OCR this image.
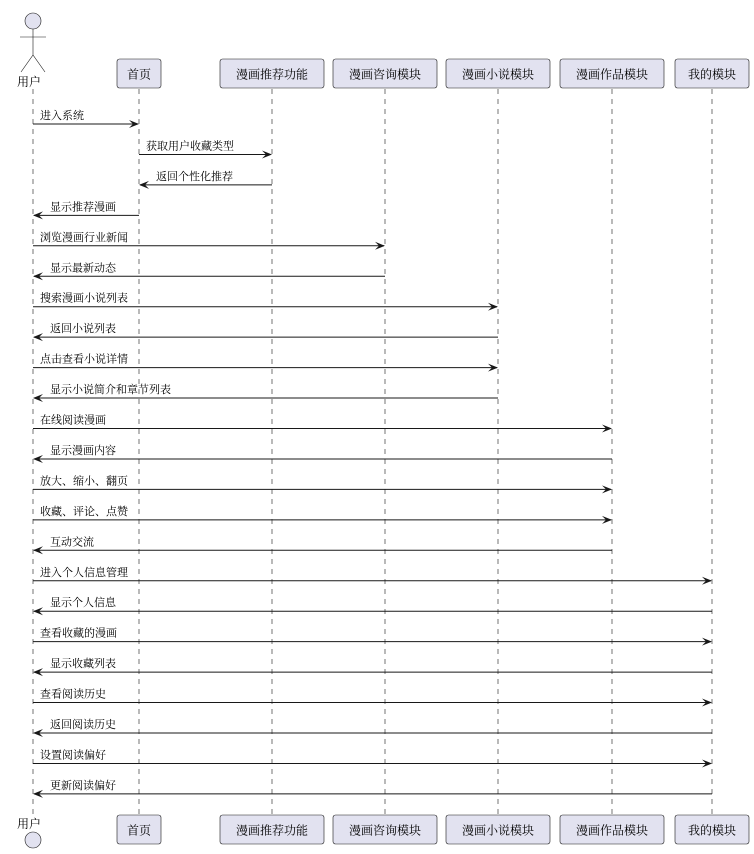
用户
用户
首页
首页
漫画推荐功能
漫画推荐功能
漫画咨询模块
漫画咨询模块
漫画小说模块
漫画小说模块
漫画作品模块
漫画作品模块
我的模块
我的模块
进入系统
获取用户收藏类型
返回个性化推荐
显示推荐漫画
浏览漫画行业新闻
显示最新动态
搜索漫画小说列表
返回小说列表
点击查看小说详情
显示小说简介和章节列表
在线阅读漫画
显示漫画内容
放大、缩小、翻页
收藏、评论、点赞
互动交流
进入个人信息管理
显示个人信息
查看收藏的漫画
显示收藏列表
查看阅读历史
返回阅读历史
设置阅读偏好
更新阅读偏好
